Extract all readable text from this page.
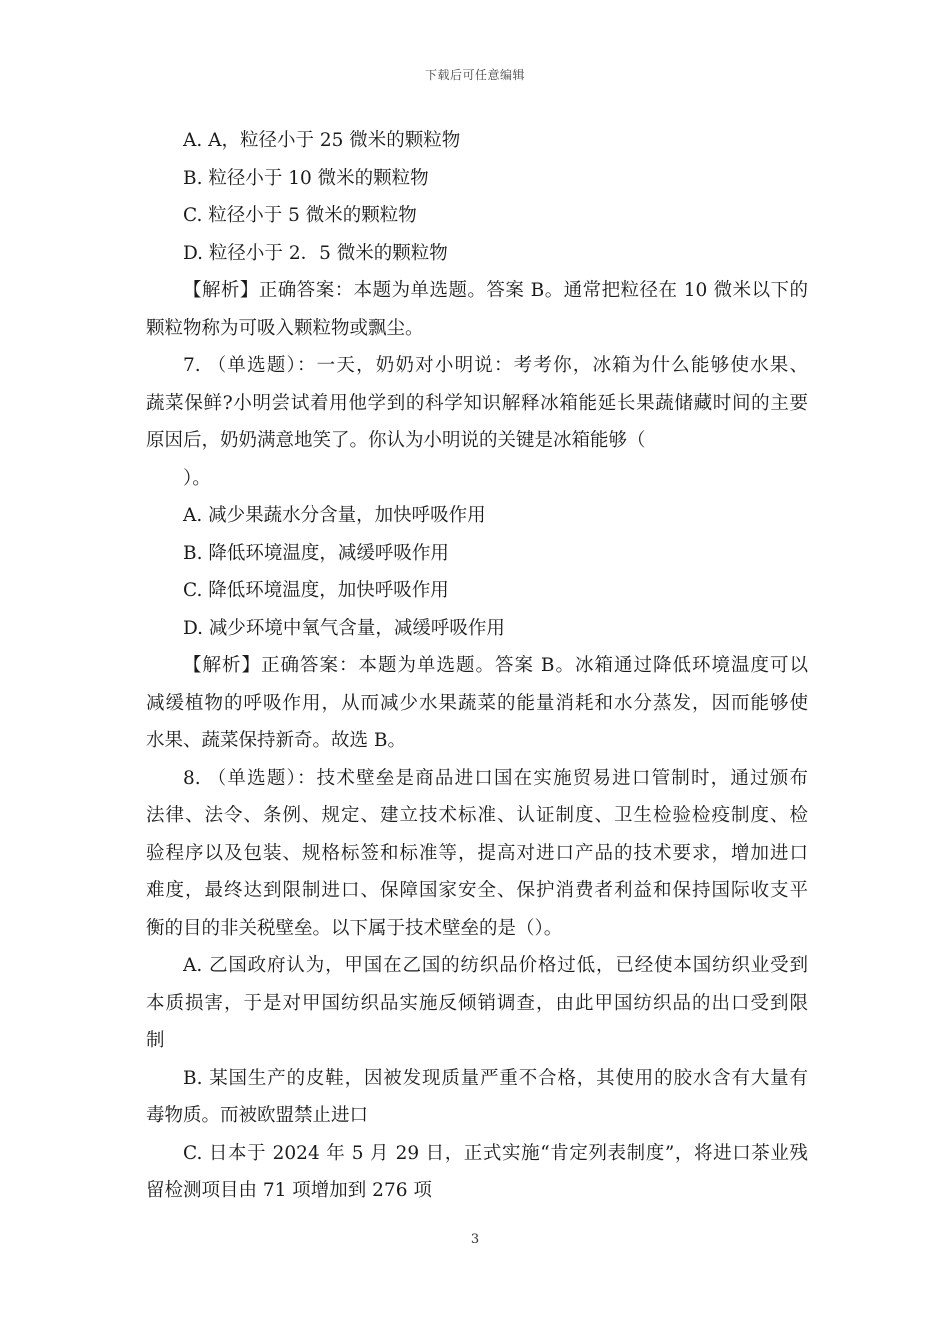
下载后可任意编辑
A. A，粒径小于 25 微米的颗粒物
B. 粒径小于 10 微米的颗粒物
C. 粒径小于 5 微米的颗粒物
D. 粒径小于 2．5 微米的颗粒物
【解析】正确答案：本题为单选题。答案 B。通常把粒径在 10 微米以下的
颗粒物称为可吸入颗粒物或飘尘。
7. （单选题）：一天，奶奶对小明说：考考你，冰箱为什么能够使水果、
蔬菜保鲜?小明尝试着用他学到的科学知识解释冰箱能延长果蔬储藏时间的主要
原因后，奶奶满意地笑了。你认为小明说的关键是冰箱能够（
）。
A. 减少果蔬水分含量，加快呼吸作用
B. 降低环境温度，减缓呼吸作用
C. 降低环境温度，加快呼吸作用
D. 减少环境中氧气含量，减缓呼吸作用
【解析】正确答案：本题为单选题。答案 B。冰箱通过降低环境温度可以
减缓植物的呼吸作用，从而减少水果蔬菜的能量消耗和水分蒸发，因而能够使
水果、蔬菜保持新奇。故选 B。
8. （单选题）：技术壁垒是商品进口国在实施贸易进口管制时，通过颁布
法律、法令、条例、规定、建立技术标准、认证制度、卫生检验检疫制度、检
验程序以及包装、规格标签和标准等，提高对进口产品的技术要求，增加进口
难度，最终达到限制进口、保障国家安全、保护消费者利益和保持国际收支平
衡的目的非关税壁垒。以下属于技术壁垒的是（）。
A. 乙国政府认为，甲国在乙国的纺织品价格过低，已经使本国纺织业受到
本质损害，于是对甲国纺织品实施反倾销调查，由此甲国纺织品的出口受到限
制
B. 某国生产的皮鞋，因被发现质量严重不合格，其使用的胶水含有大量有
毒物质。而被欧盟禁止进口
C. 日本于 2024 年 5 月 29 日，正式实施“肯定列表制度”，将进口茶业残
留检测项目由 71 项增加到 276 项
3
